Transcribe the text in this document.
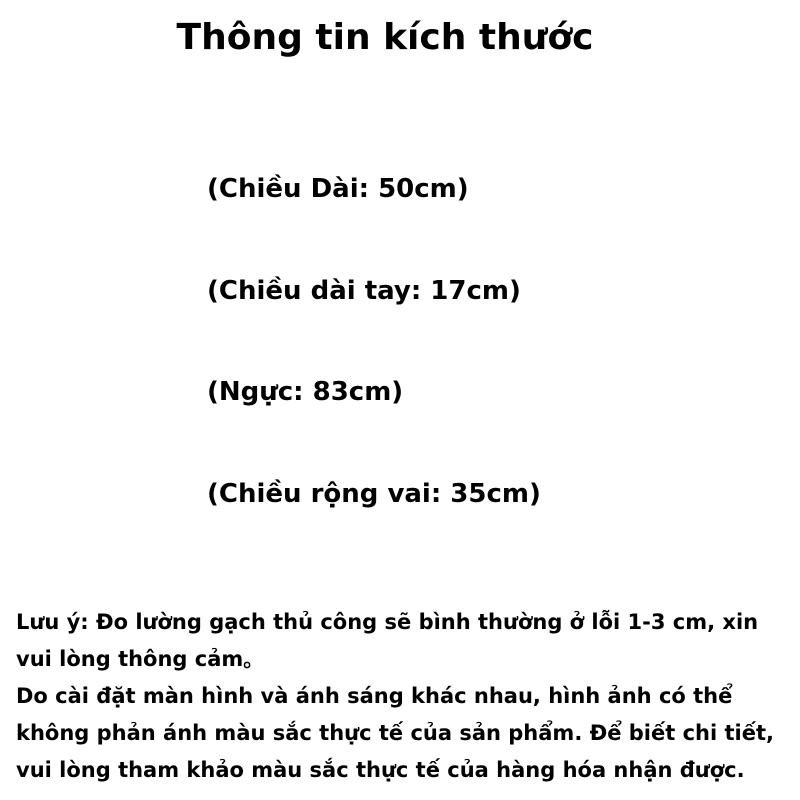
Thông tin kích thước
(Chiều Dài: 50cm)
(Chiều dài tay: 17cm)
(Ngực: 83cm)
(Chiều rộng vai: 35cm)

Lưu ý: Đo lường gạch thủ công sẽ bình thường ở lỗi 1-3 cm, xin
vui lòng thông cảm。
Do cài đặt màn hình và ánh sáng khác nhau, hình ảnh có thể
không phản ánh màu sắc thực tế của sản phẩm. Để biết chi tiết,
vui lòng tham khảo màu sắc thực tế của hàng hóa nhận được.
